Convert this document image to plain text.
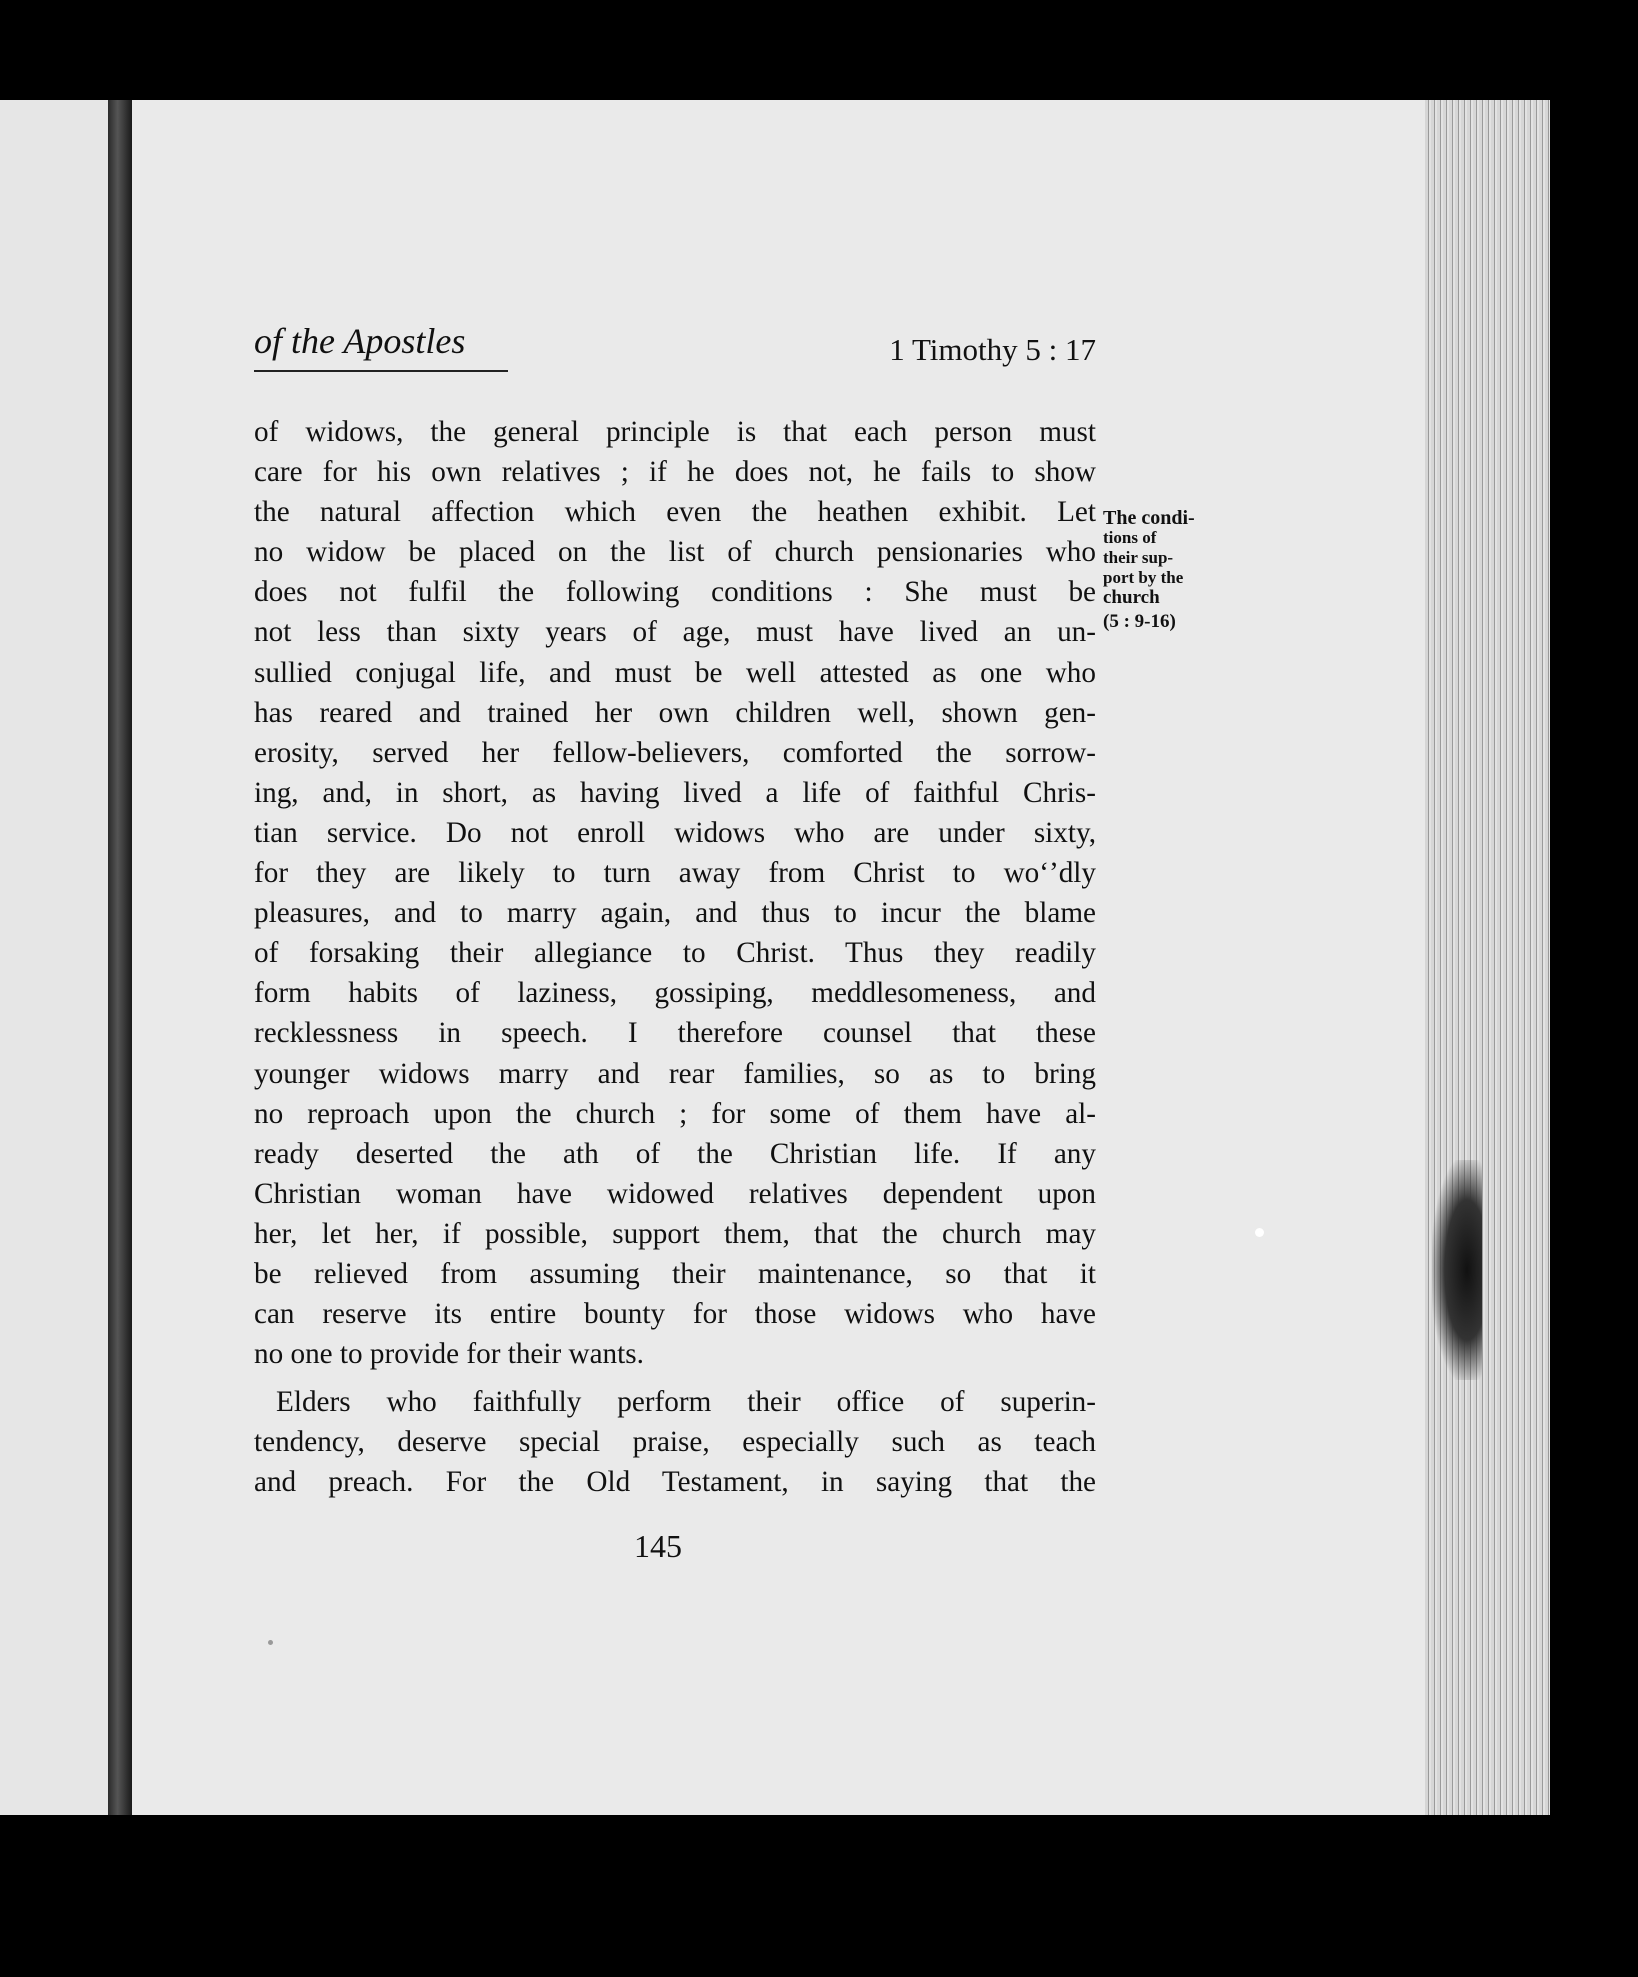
of the Apostles	1 Timothy 5 : 17
of widows, the general principle is that each person must
care for his own relatives ; if he does not, he fails to show
the natural affection which even the heathen exhibit. Let
no widow be placed on the list of church pensionaries who
does not fulfil the following conditions : She must be
not less than sixty years of age, must have lived an un-
sullied conjugal life, and must be well attested as one who
has reared and trained her own children well, shown gen-
erosity, served her fellow-believers, comforted the sorrow-
ing, and, in short, as having lived a life of faithful Chris-
tian service. Do not enroll widows who are under sixty,
for they are likely to turn away from Christ to wo‘’dly
pleasures, and to marry again, and thus to incur the blame
of forsaking their allegiance to Christ. Thus they readily
form habits of laziness, gossiping, meddlesomeness, and
recklessness in speech. I therefore counsel that these
younger widows marry and rear families, so as to bring
no reproach upon the church ; for some of them have al-
ready deserted the ath of the Christian life. If any
Christian woman have widowed relatives dependent upon
her, let her, if possible, support them, that the church may
be relieved from assuming their maintenance, so that it
can reserve its entire bounty for those widows who have
no one to provide for their wants.
Elders who faithfully perform their office of superin-
tendency, deserve special praise, especially such as teach
and preach. For the Old Testament, in saying that the
The condi-
tions of
their sup-
port by the
church
(5 : 9-16)
145
